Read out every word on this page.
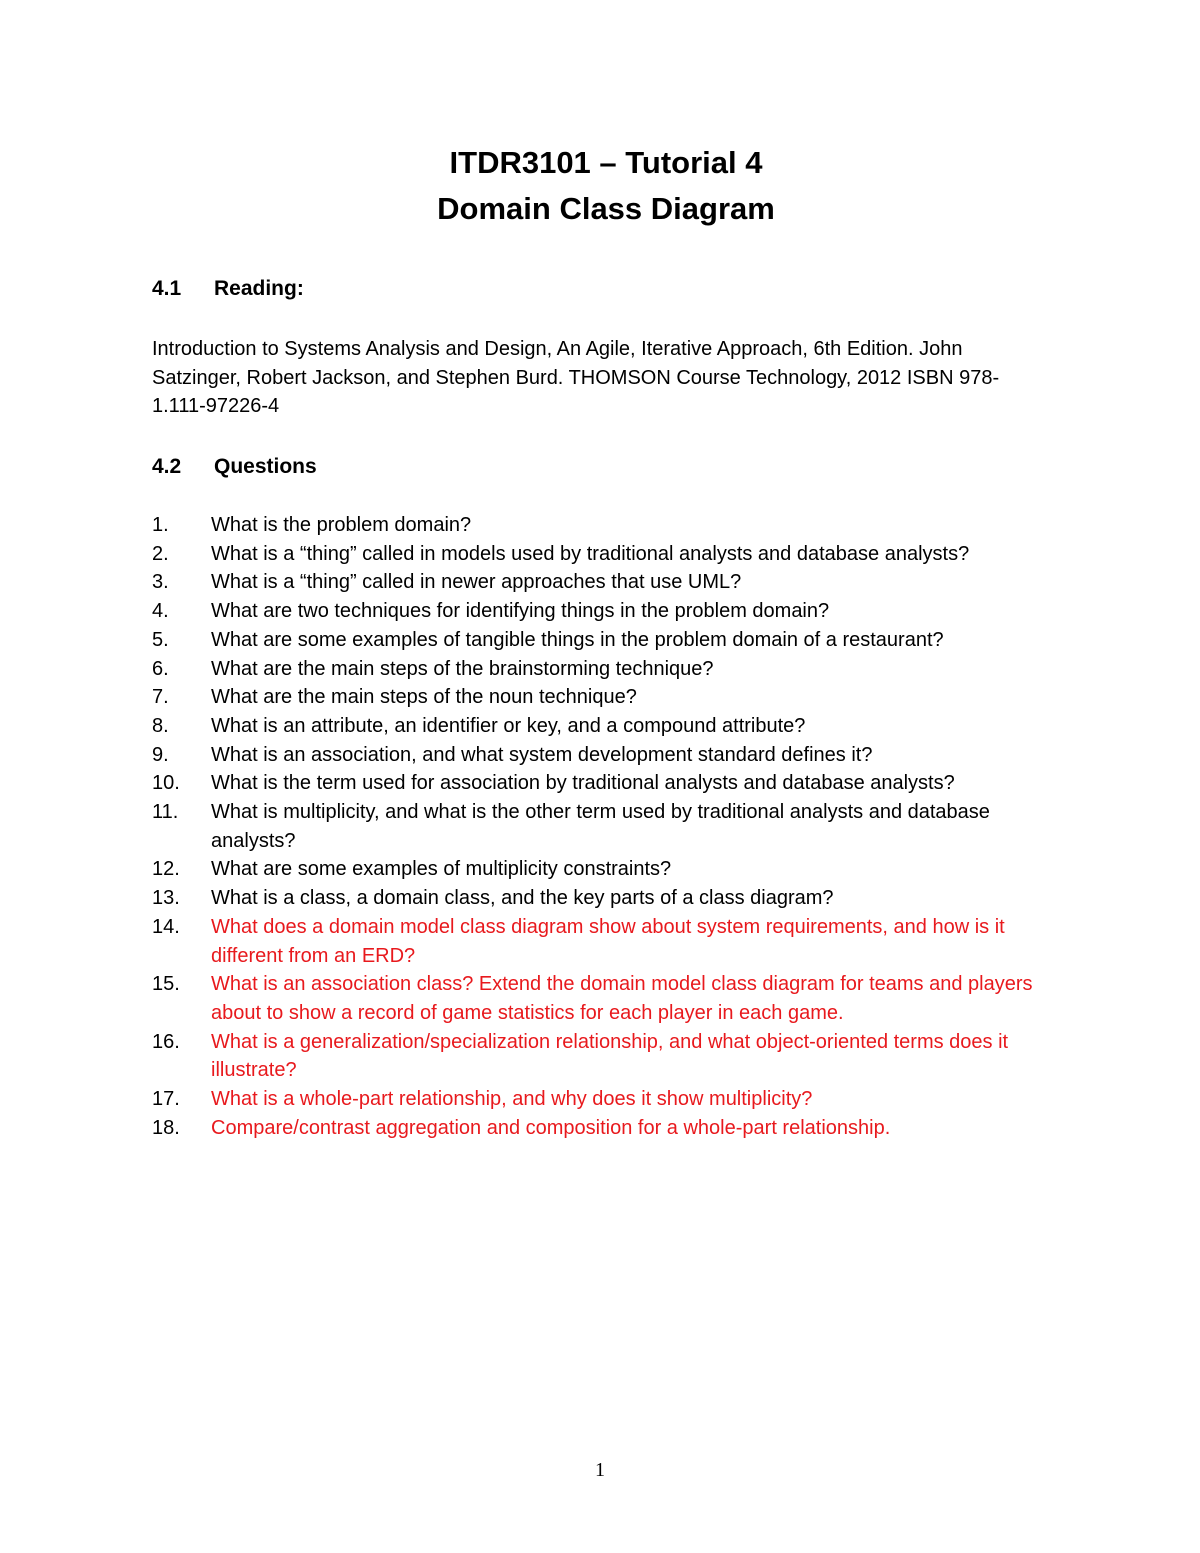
ITDR3101 – Tutorial 4
Domain Class Diagram
4.1 Reading:

Introduction to Systems Analysis and Design, An Agile, Iterative Approach, 6th Edition. John Satzinger, Robert Jackson, and Stephen Burd. THOMSON Course Technology, 2012 ISBN 978-1.111-97226-4

4.2 Questions
1.	What is the problem domain?
2.	What is a “thing” called in models used by traditional analysts and database analysts?
3.	What is a “thing” called in newer approaches that use UML?
4.	What are two techniques for identifying things in the problem domain?
5.	What are some examples of tangible things in the problem domain of a restaurant?
6.	What are the main steps of the brainstorming technique?
7.	What are the main steps of the noun technique?
8.	What is an attribute, an identifier or key, and a compound attribute?
9.	What is an association, and what system development standard defines it?
10.	What is the term used for association by traditional analysts and database analysts?
11.	What is multiplicity, and what is the other term used by traditional analysts and database analysts?
12.	What are some examples of multiplicity constraints?
13.	What is a class, a domain class, and the key parts of a class diagram?
14.	What does a domain model class diagram show about system requirements, and how is it different from an ERD?
15.	What is an association class? Extend the domain model class diagram for teams and players about to show a record of game statistics for each player in each game.
16.	What is a generalization/specialization relationship, and what object-oriented terms does it illustrate?
17.	What is a whole-part relationship, and why does it show multiplicity?
18.	Compare/contrast aggregation and composition for a whole-part relationship.
1
